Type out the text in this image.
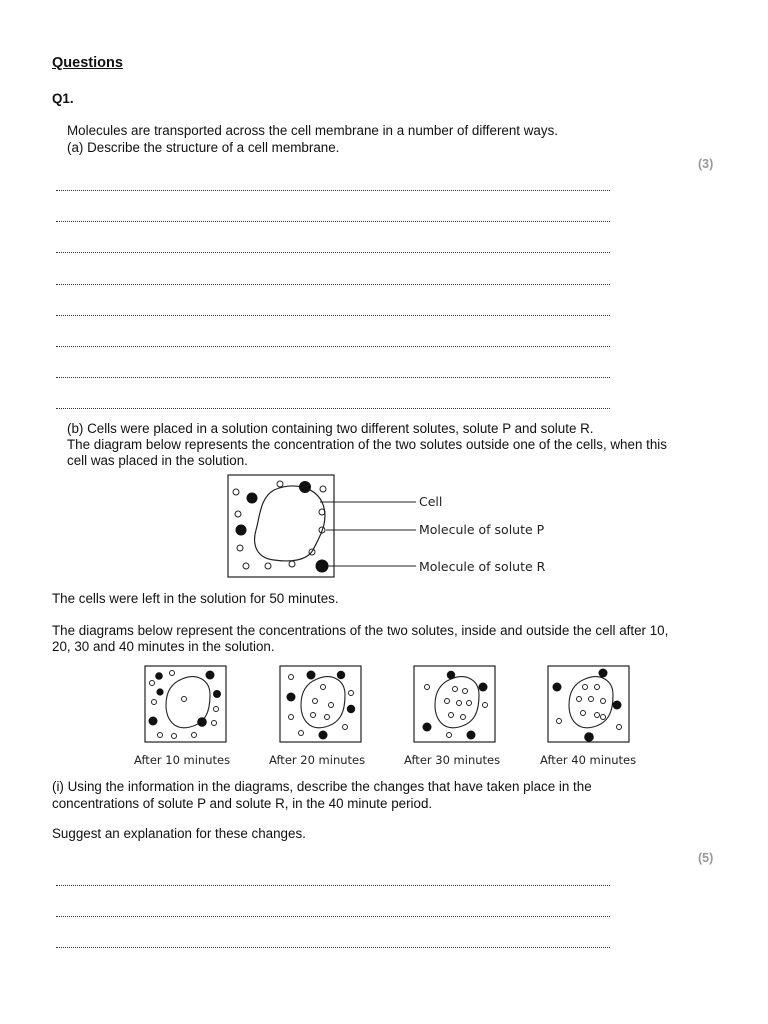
Questions
Q1.
Molecules are transported across the cell membrane in a number of different ways.
(a) Describe the structure of a cell membrane.
(3)
(b) Cells were placed in a solution containing two different solutes, solute P and solute R.
The diagram below represents the concentration of the two solutes outside one of the cells, when this
cell was placed in the solution.
Cell
Molecule of solute P
Molecule of solute R
The cells were left in the solution for 50 minutes.
The diagrams below represent the concentrations of the two solutes, inside and outside the cell after 10,
20, 30 and 40 minutes in the solution.
After 10 minutes	After 20 minutes	After 30 minutes	After 40 minutes
(i) Using the information in the diagrams, describe the changes that have taken place in the
concentrations of solute P and solute R, in the 40 minute period.
Suggest an explanation for these changes.
(5)
